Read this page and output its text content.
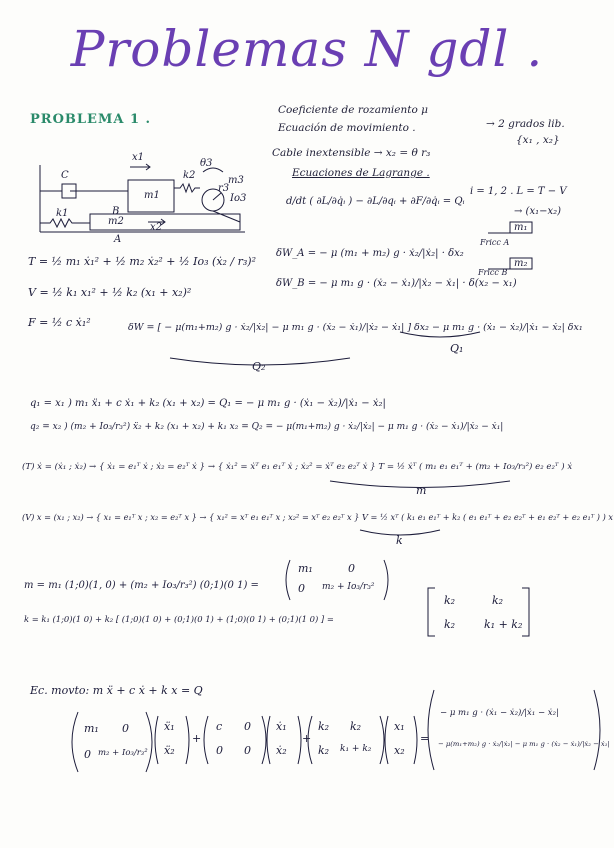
Problemas N gdl .
PROBLEMA 1 .
Coeficiente de rozamiento μ
Ecuación de movimiento .	→ 2 grados lib.
{x₁ , x₂}
Cable inextensible → x₂ = θ r₃
Ecuaciones de Lagrange .
d/dt ( ∂L/∂q̇ᵢ ) − ∂L/∂qᵢ + ∂F/∂q̇ᵢ = Qᵢ
i = 1, 2 . L = T − V
C
k1
k2
m1
m2
m3
x1
x2
θ3
Io3
r3
A
B	→ (x₁−x₂)
m₁
m₂
Fricc A
Fricc B
T = ½ m₁ ẋ₁² + ½ m₂ ẋ₂² + ½ Io₃ (ẋ₂ / r₃)²
V = ½ k₁ x₁² + ½ k₂ (x₁ + x₂)²
F = ½ c ẋ₁²
δW_A = − μ (m₁ + m₂) g · ẋ₂/|ẋ₂| · δx₂
δW_B = − μ m₁ g · (ẋ₂ − ẋ₁)/|ẋ₂ − ẋ₁| · δ(x₂ − x₁)
δW = [ − μ(m₁+m₂) g · ẋ₂/|ẋ₂| − μ m₁ g · (ẋ₂ − ẋ₁)/|ẋ₂ − ẋ₁| ] δx₂ − μ m₁ g · (ẋ₁ − ẋ₂)/|ẋ₁ − ẋ₂| δx₁
Q₂
Q₁
q₁ = x₁ ) m₁ ẍ₁ + c ẋ₁ + k₂ (x₁ + x₂) = Q₁ = − μ m₁ g · (ẋ₁ − ẋ₂)/|ẋ₁ − ẋ₂|
q₂ = x₂ ) (m₂ + Io₃/r₃²) ẍ₂ + k₂ (x₁ + x₂) + k₁ x₂ = Q₂ = − μ(m₁+m₂) g · ẋ₂/|ẋ₂| − μ m₁ g · (ẋ₂ − ẋ₁)/|ẋ₂ − ẋ₁|
(T) ẋ = (ẋ₁ ; ẋ₂) → { ẋ₁ = e₁ᵀ ẋ ; ẋ₂ = e₂ᵀ ẋ } → { ẋ₁² = ẋᵀ e₁ e₁ᵀ ẋ ; ẋ₂² = ẋᵀ e₂ e₂ᵀ ẋ } T = ½ ẋᵀ ( m₁ e₁ e₁ᵀ + (m₂ + Io₃/r₃²) e₂ e₂ᵀ ) ẋ
m
(V) x = (x₁ ; x₂) → { x₁ = e₁ᵀ x ; x₂ = e₂ᵀ x } → { x₁² = xᵀ e₁ e₁ᵀ x ; x₂² = xᵀ e₂ e₂ᵀ x } V = ½ xᵀ ( k₁ e₁ e₁ᵀ + k₂ ( e₁ e₁ᵀ + e₂ e₂ᵀ + e₁ e₂ᵀ + e₂ e₁ᵀ ) ) x
k
m = m₁ (1;0)(1, 0) + (m₂ + Io₃/r₃²) (0;1)(0 1) =
m₁	0
0 m₂ + Io₃/r₃²
k = k₁ (1;0)(1 0) + k₂ [ (1;0)(1 0) + (0;1)(0 1) + (1;0)(0 1) + (0;1)(1 0) ] =
k₂	k₂
k₂	k₁ + k₂
Ec. movto: m ẍ + c ẋ + k x = Q
m₁ 0
0 m₂ + Io₃/r₃²
ẍ₁
ẍ₂
+
c 0
0 0
ẋ₁
ẋ₂
+
k₂ k₂
k₂ k₁ + k₂
x₁
x₂
=
− μ m₁ g · (ẋ₁ − ẋ₂)/|ẋ₁ − ẋ₂|
− μ(m₁+m₂) g · ẋ₂/|ẋ₂| − μ m₁ g · (ẋ₂ − ẋ₁)/|ẋ₂ − ẋ₁|
